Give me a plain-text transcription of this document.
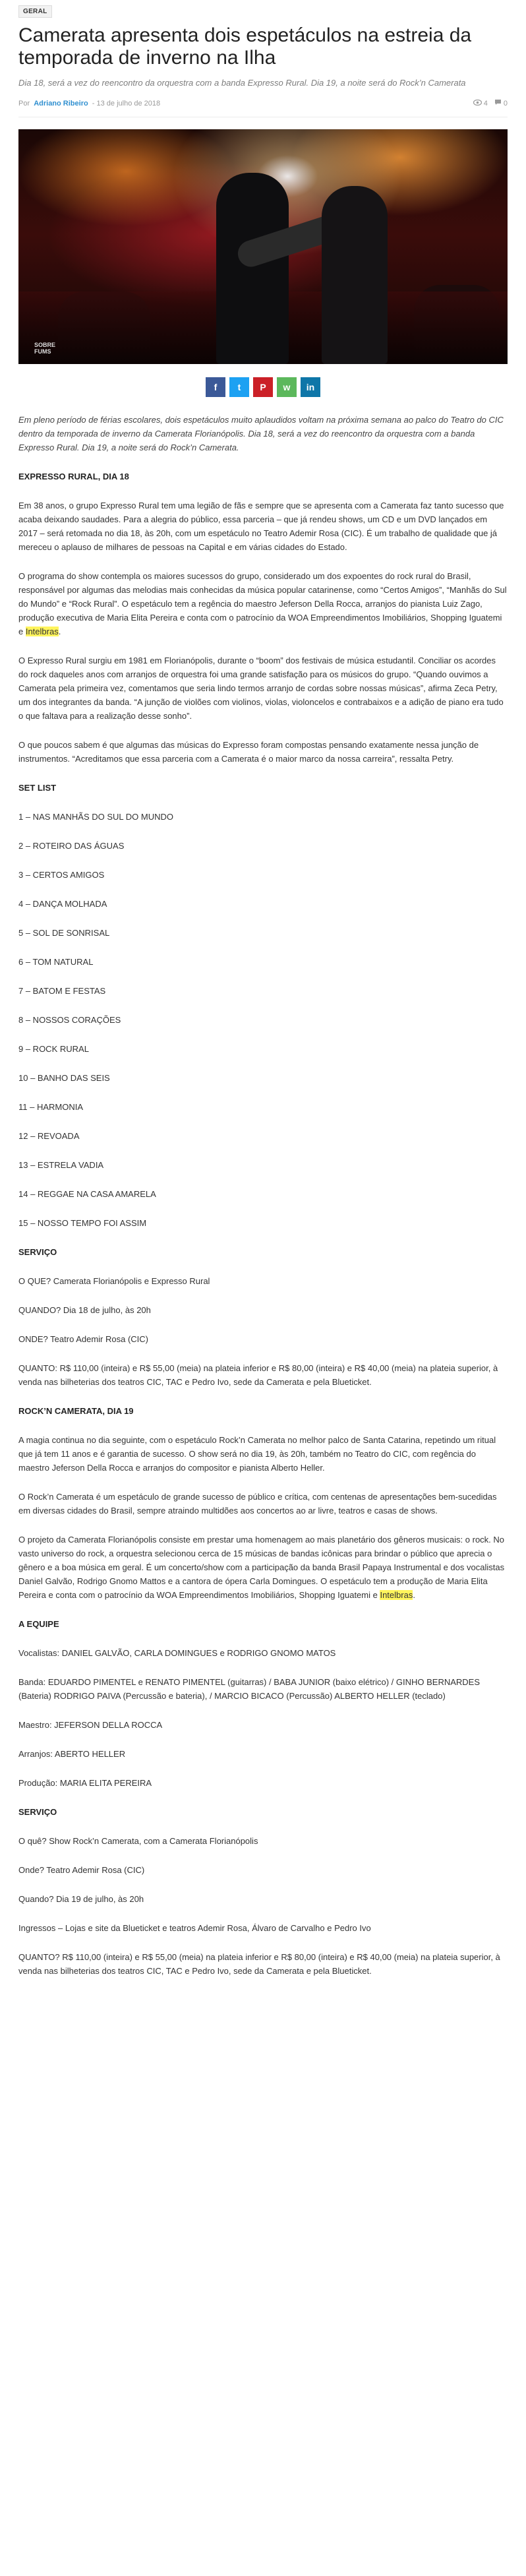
GERAL
Camerata apresenta dois espetáculos na estreia da temporada de inverno na Ilha

Dia 18, será a vez do reencontro da orquestra com a banda Expresso Rural. Dia 19, a noite será do Rock’n Camerata

Por Adriano Ribeiro - 13 de julho de 2018	4 0
SOBRE FUMS
f t P w in

Em pleno período de férias escolares, dois espetáculos muito aplaudidos voltam na próxima semana ao palco do Teatro do CIC dentro da temporada de inverno da Camerata Florianópolis. Dia 18, será a vez do reencontro da orquestra com a banda Expresso Rural. Dia 19, a noite será do Rock’n Camerata.

EXPRESSO RURAL, DIA 18

Em 38 anos, o grupo Expresso Rural tem uma legião de fãs e sempre que se apresenta com a Camerata faz tanto sucesso que acaba deixando saudades. Para a alegria do público, essa parceria – que já rendeu shows, um CD e um DVD lançados em 2017 – será retomada no dia 18, às 20h, com um espetáculo no Teatro Ademir Rosa (CIC). É um trabalho de qualidade que já mereceu o aplauso de milhares de pessoas na Capital e em várias cidades do Estado.

O programa do show contempla os maiores sucessos do grupo, considerado um dos expoentes do rock rural do Brasil, responsável por algumas das melodias mais conhecidas da música popular catarinense, como “Certos Amigos”, “Manhãs do Sul do Mundo” e “Rock Rural”. O espetáculo tem a regência do maestro Jeferson Della Rocca, arranjos do pianista Luiz Zago, produção executiva de Maria Elita Pereira e conta com o patrocínio da WOA Empreendimentos Imobiliários, Shopping Iguatemi e Intelbras.

O Expresso Rural surgiu em 1981 em Florianópolis, durante o “boom” dos festivais de música estudantil. Conciliar os acordes do rock daqueles anos com arranjos de orquestra foi uma grande satisfação para os músicos do grupo. “Quando ouvimos a Camerata pela primeira vez, comentamos que seria lindo termos arranjo de cordas sobre nossas músicas”, afirma Zeca Petry, um dos integrantes da banda. “A junção de violões com violinos, violas, violoncelos e contrabaixos e a adição de piano era tudo o que faltava para a realização desse sonho”.

O que poucos sabem é que algumas das músicas do Expresso foram compostas pensando exatamente nessa junção de instrumentos. “Acreditamos que essa parceria com a Camerata é o maior marco da nossa carreira”, ressalta Petry.

SET LIST

1 – NAS MANHÃS DO SUL DO MUNDO

2 – ROTEIRO DAS ÁGUAS

3 – CERTOS AMIGOS

4 – DANÇA MOLHADA

5 – SOL DE SONRISAL

6 – TOM NATURAL

7 – BATOM E FESTAS

8 – NOSSOS CORAÇÕES

9 – ROCK RURAL

10 – BANHO DAS SEIS

11 – HARMONIA

12 – REVOADA

13 – ESTRELA VADIA

14 – REGGAE NA CASA AMARELA

15 – NOSSO TEMPO FOI ASSIM

SERVIÇO

O QUE? Camerata Florianópolis e Expresso Rural

QUANDO? Dia 18 de julho, às 20h

ONDE? Teatro Ademir Rosa (CIC)

QUANTO: R$ 110,00 (inteira) e R$ 55,00 (meia) na plateia inferior e R$ 80,00 (inteira) e R$ 40,00 (meia) na plateia superior, à venda nas bilheterias dos teatros CIC, TAC e Pedro Ivo, sede da Camerata e pela Blueticket.

ROCK’N CAMERATA, DIA 19

A magia continua no dia seguinte, com o espetáculo Rock’n Camerata no melhor palco de Santa Catarina, repetindo um ritual que já tem 11 anos e é garantia de sucesso. O show será no dia 19, às 20h, também no Teatro do CIC, com regência do maestro Jeferson Della Rocca e arranjos do compositor e pianista Alberto Heller.

O Rock’n Camerata é um espetáculo de grande sucesso de público e crítica, com centenas de apresentações bem-sucedidas em diversas cidades do Brasil, sempre atraindo multidões aos concertos ao ar livre, teatros e casas de shows.

O projeto da Camerata Florianópolis consiste em prestar uma homenagem ao mais planetário dos gêneros musicais: o rock. No vasto universo do rock, a orquestra selecionou cerca de 15 músicas de bandas icônicas para brindar o público que aprecia o gênero e a boa música em geral. É um concerto/show com a participação da banda Brasil Papaya Instrumental e dos vocalistas Daniel Galvão, Rodrigo Gnomo Mattos e a cantora de ópera Carla Domingues. O espetáculo tem a produção de Maria Elita Pereira e conta com o patrocínio da WOA Empreendimentos Imobiliários, Shopping Iguatemi e Intelbras.

A EQUIPE

Vocalistas: DANIEL GALVÃO, CARLA DOMINGUES e RODRIGO GNOMO MATOS

Banda: EDUARDO PIMENTEL e RENATO PIMENTEL (guitarras) / BABA JUNIOR (baixo elétrico) / GINHO BERNARDES (Bateria) RODRIGO PAIVA (Percussão e bateria), / MARCIO BICACO (Percussão) ALBERTO HELLER (teclado)

Maestro: JEFERSON DELLA ROCCA

Arranjos: ABERTO HELLER

Produção: MARIA ELITA PEREIRA

SERVIÇO

O quê? Show Rock’n Camerata, com a Camerata Florianópolis

Onde? Teatro Ademir Rosa (CIC)

Quando? Dia 19 de julho, às 20h

Ingressos – Lojas e site da Blueticket e teatros Ademir Rosa, Álvaro de Carvalho e Pedro Ivo

QUANTO? R$ 110,00 (inteira) e R$ 55,00 (meia) na plateia inferior e R$ 80,00 (inteira) e R$ 40,00 (meia) na plateia superior, à venda nas bilheterias dos teatros CIC, TAC e Pedro Ivo, sede da Camerata e pela Blueticket.
